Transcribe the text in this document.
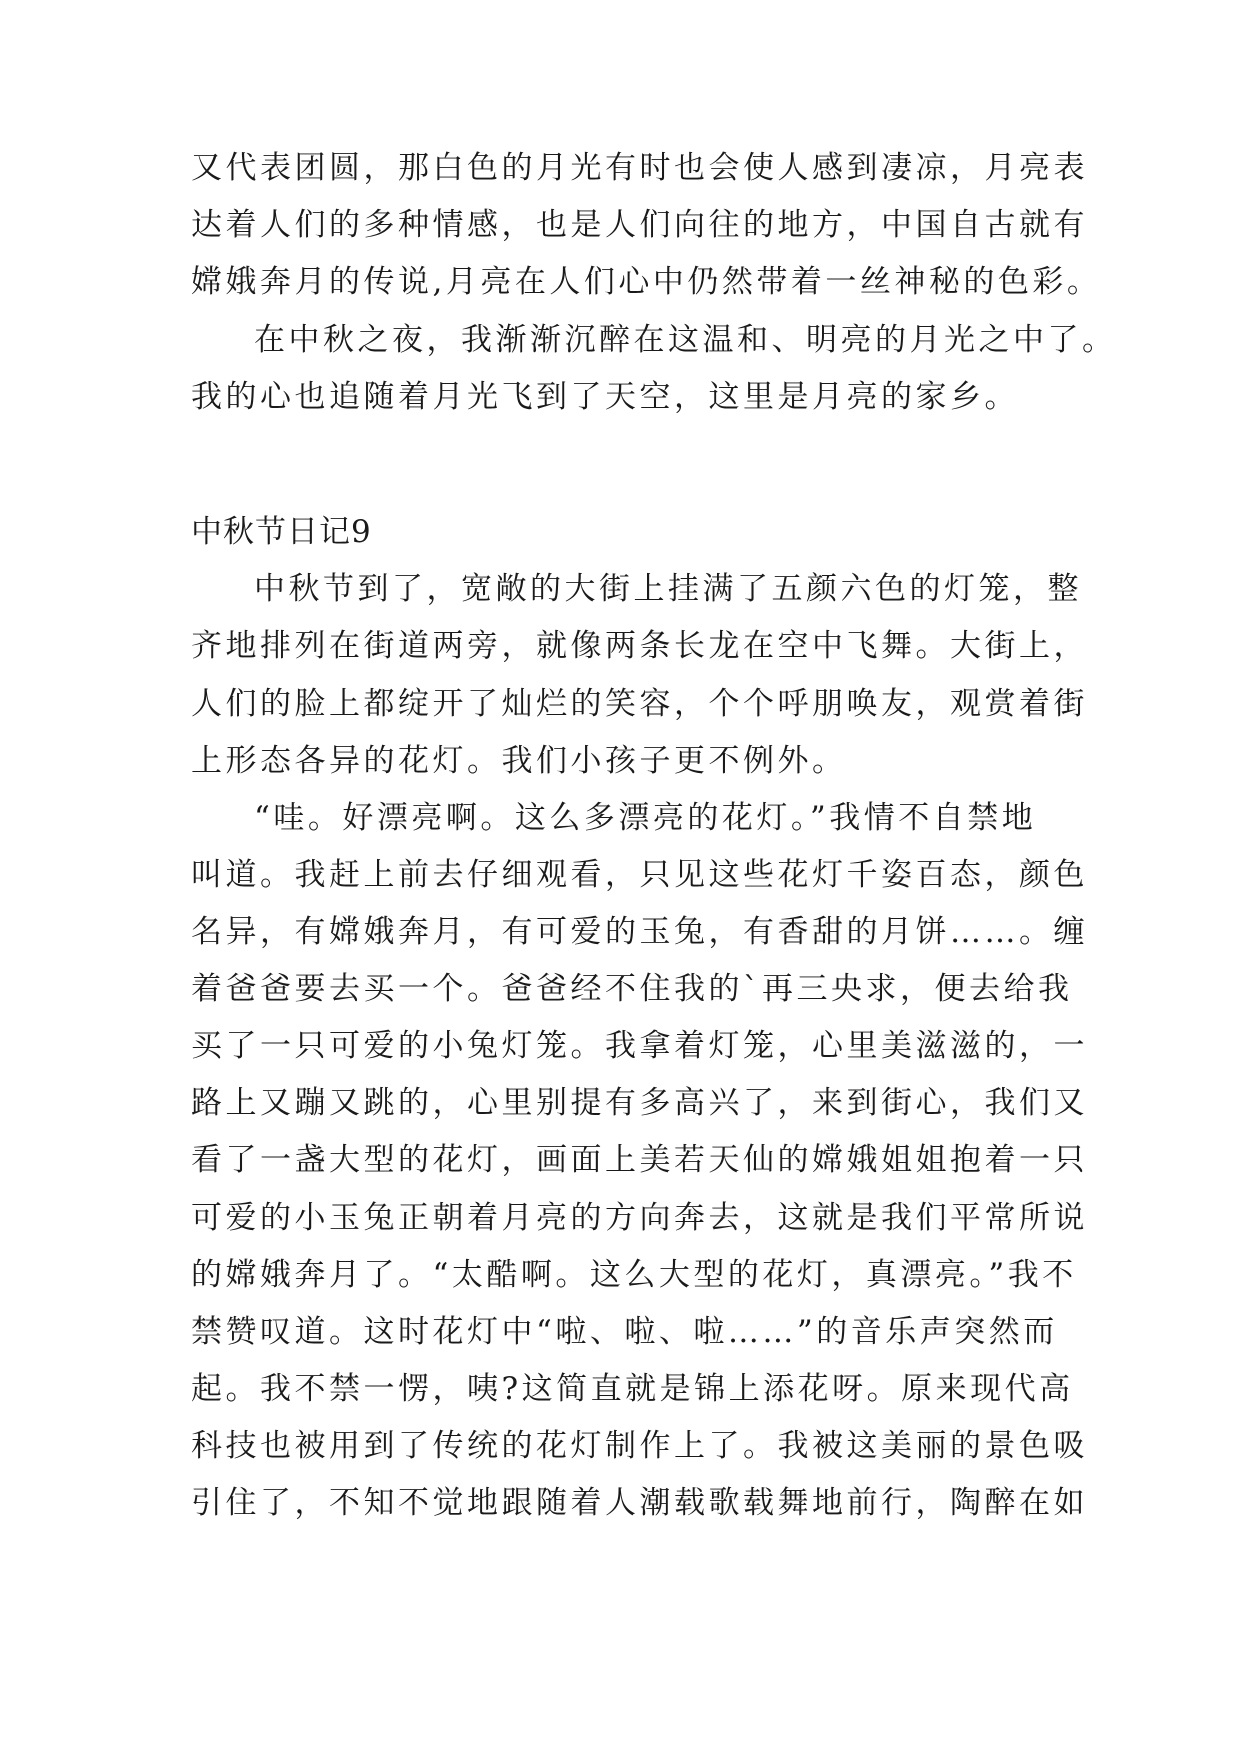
又代表团圆，那白色的月光有时也会使人感到凄凉，月亮表
达着人们的多种情感，也是人们向往的地方，中国自古就有
嫦娥奔月的传说,月亮在人们心中仍然带着一丝神秘的色彩。
在中秋之夜，我渐渐沉醉在这温和、明亮的月光之中了。
我的心也追随着月光飞到了天空，这里是月亮的家乡。
中秋节日记9
中秋节到了，宽敞的大街上挂满了五颜六色的灯笼，整
齐地排列在街道两旁，就像两条长龙在空中飞舞。大街上，
人们的脸上都绽开了灿烂的笑容，个个呼朋唤友，观赏着街
上形态各异的花灯。我们小孩子更不例外。
“哇。好漂亮啊。这么多漂亮的花灯。”我情不自禁地
叫道。我赶上前去仔细观看，只见这些花灯千姿百态，颜色
名异，有嫦娥奔月，有可爱的玉兔，有香甜的月饼……。缠
着爸爸要去买一个。爸爸经不住我的`再三央求，便去给我
买了一只可爱的小兔灯笼。我拿着灯笼，心里美滋滋的，一
路上又蹦又跳的，心里别提有多高兴了，来到街心，我们又
看了一盏大型的花灯，画面上美若天仙的嫦娥姐姐抱着一只
可爱的小玉兔正朝着月亮的方向奔去，这就是我们平常所说
的嫦娥奔月了。“太酷啊。这么大型的花灯，真漂亮。”我不
禁赞叹道。这时花灯中“啦、啦、啦……”的音乐声突然而
起。我不禁一愣，咦?这简直就是锦上添花呀。原来现代高
科技也被用到了传统的花灯制作上了。我被这美丽的景色吸
引住了，不知不觉地跟随着人潮载歌载舞地前行，陶醉在如
